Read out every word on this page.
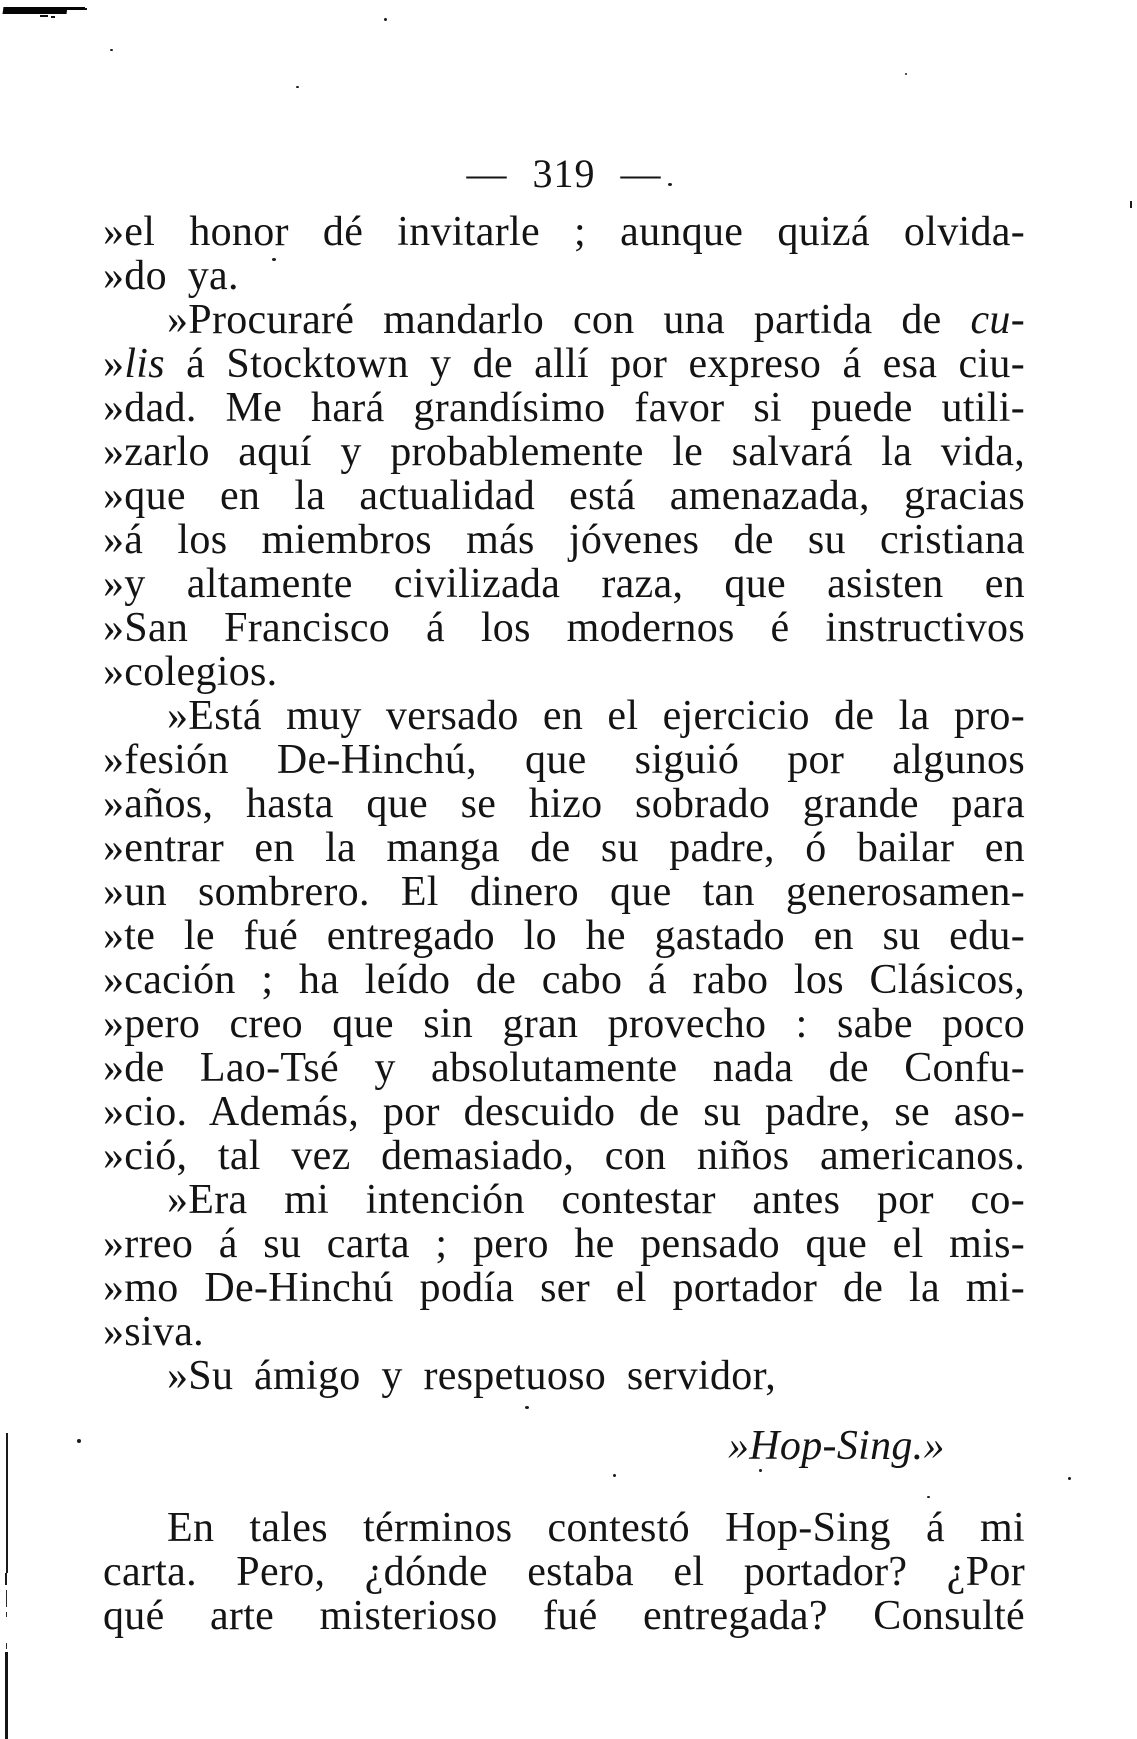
— 319 —
»el honor dé invitarle ; aunque quizá olvida-
»do ya.
»Procuraré mandarlo con una partida de cu-
»lis á Stocktown y de allí por expreso á esa ciu-
»dad. Me hará grandísimo favor si puede utili-
»zarlo aquí y probablemente le salvará la vida,
»que en la actualidad está amenazada, gracias
»á los miembros más jóvenes de su cristiana
»y altamente civilizada raza, que asisten en
»San Francisco á los modernos é instructivos
»colegios.
»Está muy versado en el ejercicio de la pro-
»fesión De-Hinchú, que siguió por algunos
»años, hasta que se hizo sobrado grande para
»entrar en la manga de su padre, ó bailar en
»un sombrero. El dinero que tan generosamen-
»te le fué entregado lo he gastado en su edu-
»cación ; ha leído de cabo á rabo los Clásicos,
»pero creo que sin gran provecho : sabe poco
»de Lao-Tsé y absolutamente nada de Confu-
»cio. Además, por descuido de su padre, se aso-
»ció, tal vez demasiado, con niños americanos.
»Era mi intención contestar antes por co-
»rreo á su carta ; pero he pensado que el mis-
»mo De-Hinchú podía ser el portador de la mi-
»siva.
»Su ámigo y respetuoso servidor,
»Hop-Sing.»
En tales términos contestó Hop-Sing á mi
carta. Pero, ¿dónde estaba el portador? ¿Por
qué arte misterioso fué entregada? Consulté
